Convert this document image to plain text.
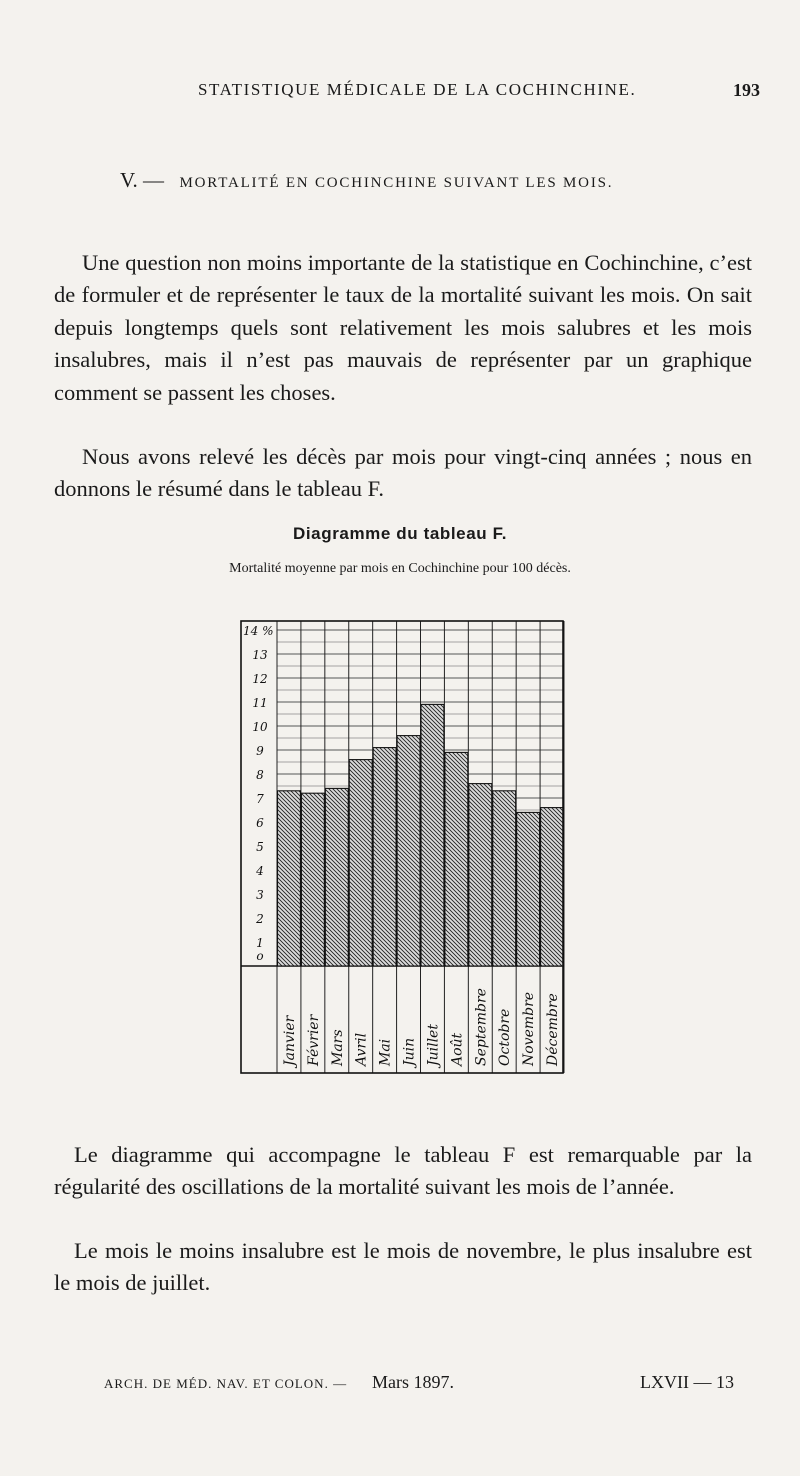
STATISTIQUE MÉDICALE DE LA COCHINCHINE.	193
V. — MORTALITÉ EN COCHINCHINE SUIVANT LES MOIS.

Une question non moins importante de la statistique en Cochinchine, c’est de formuler et de représenter le taux de la mortalité suivant les mois. On sait depuis longtemps quels sont relativement les mois salubres et les mois insalubres, mais il n’est pas mauvais de représenter par un graphique comment se passent les choses.

Nous avons relevé les décès par mois pour vingt-cinq années ; nous en donnons le résumé dans le tableau F.

Diagramme du tableau F.
Mortalité moyenne par mois en Cochinchine pour 100 décès.
o
1
2
3
4
5
6
7
8
9
10
11
12
13
14 %
Janvier Février Mars Avril Mai Juin Juillet Août Septembre Octobre Novembre Décembre

Le diagramme qui accompagne le tableau F est remarquable par la régularité des oscillations de la mortalité suivant les mois de l’année.

Le mois le moins insalubre est le mois de novembre, le plus insalubre est le mois de juillet.

ARCH. DE MÉD. NAV. ET COLON. — Mars 1897.	LXVII — 13
